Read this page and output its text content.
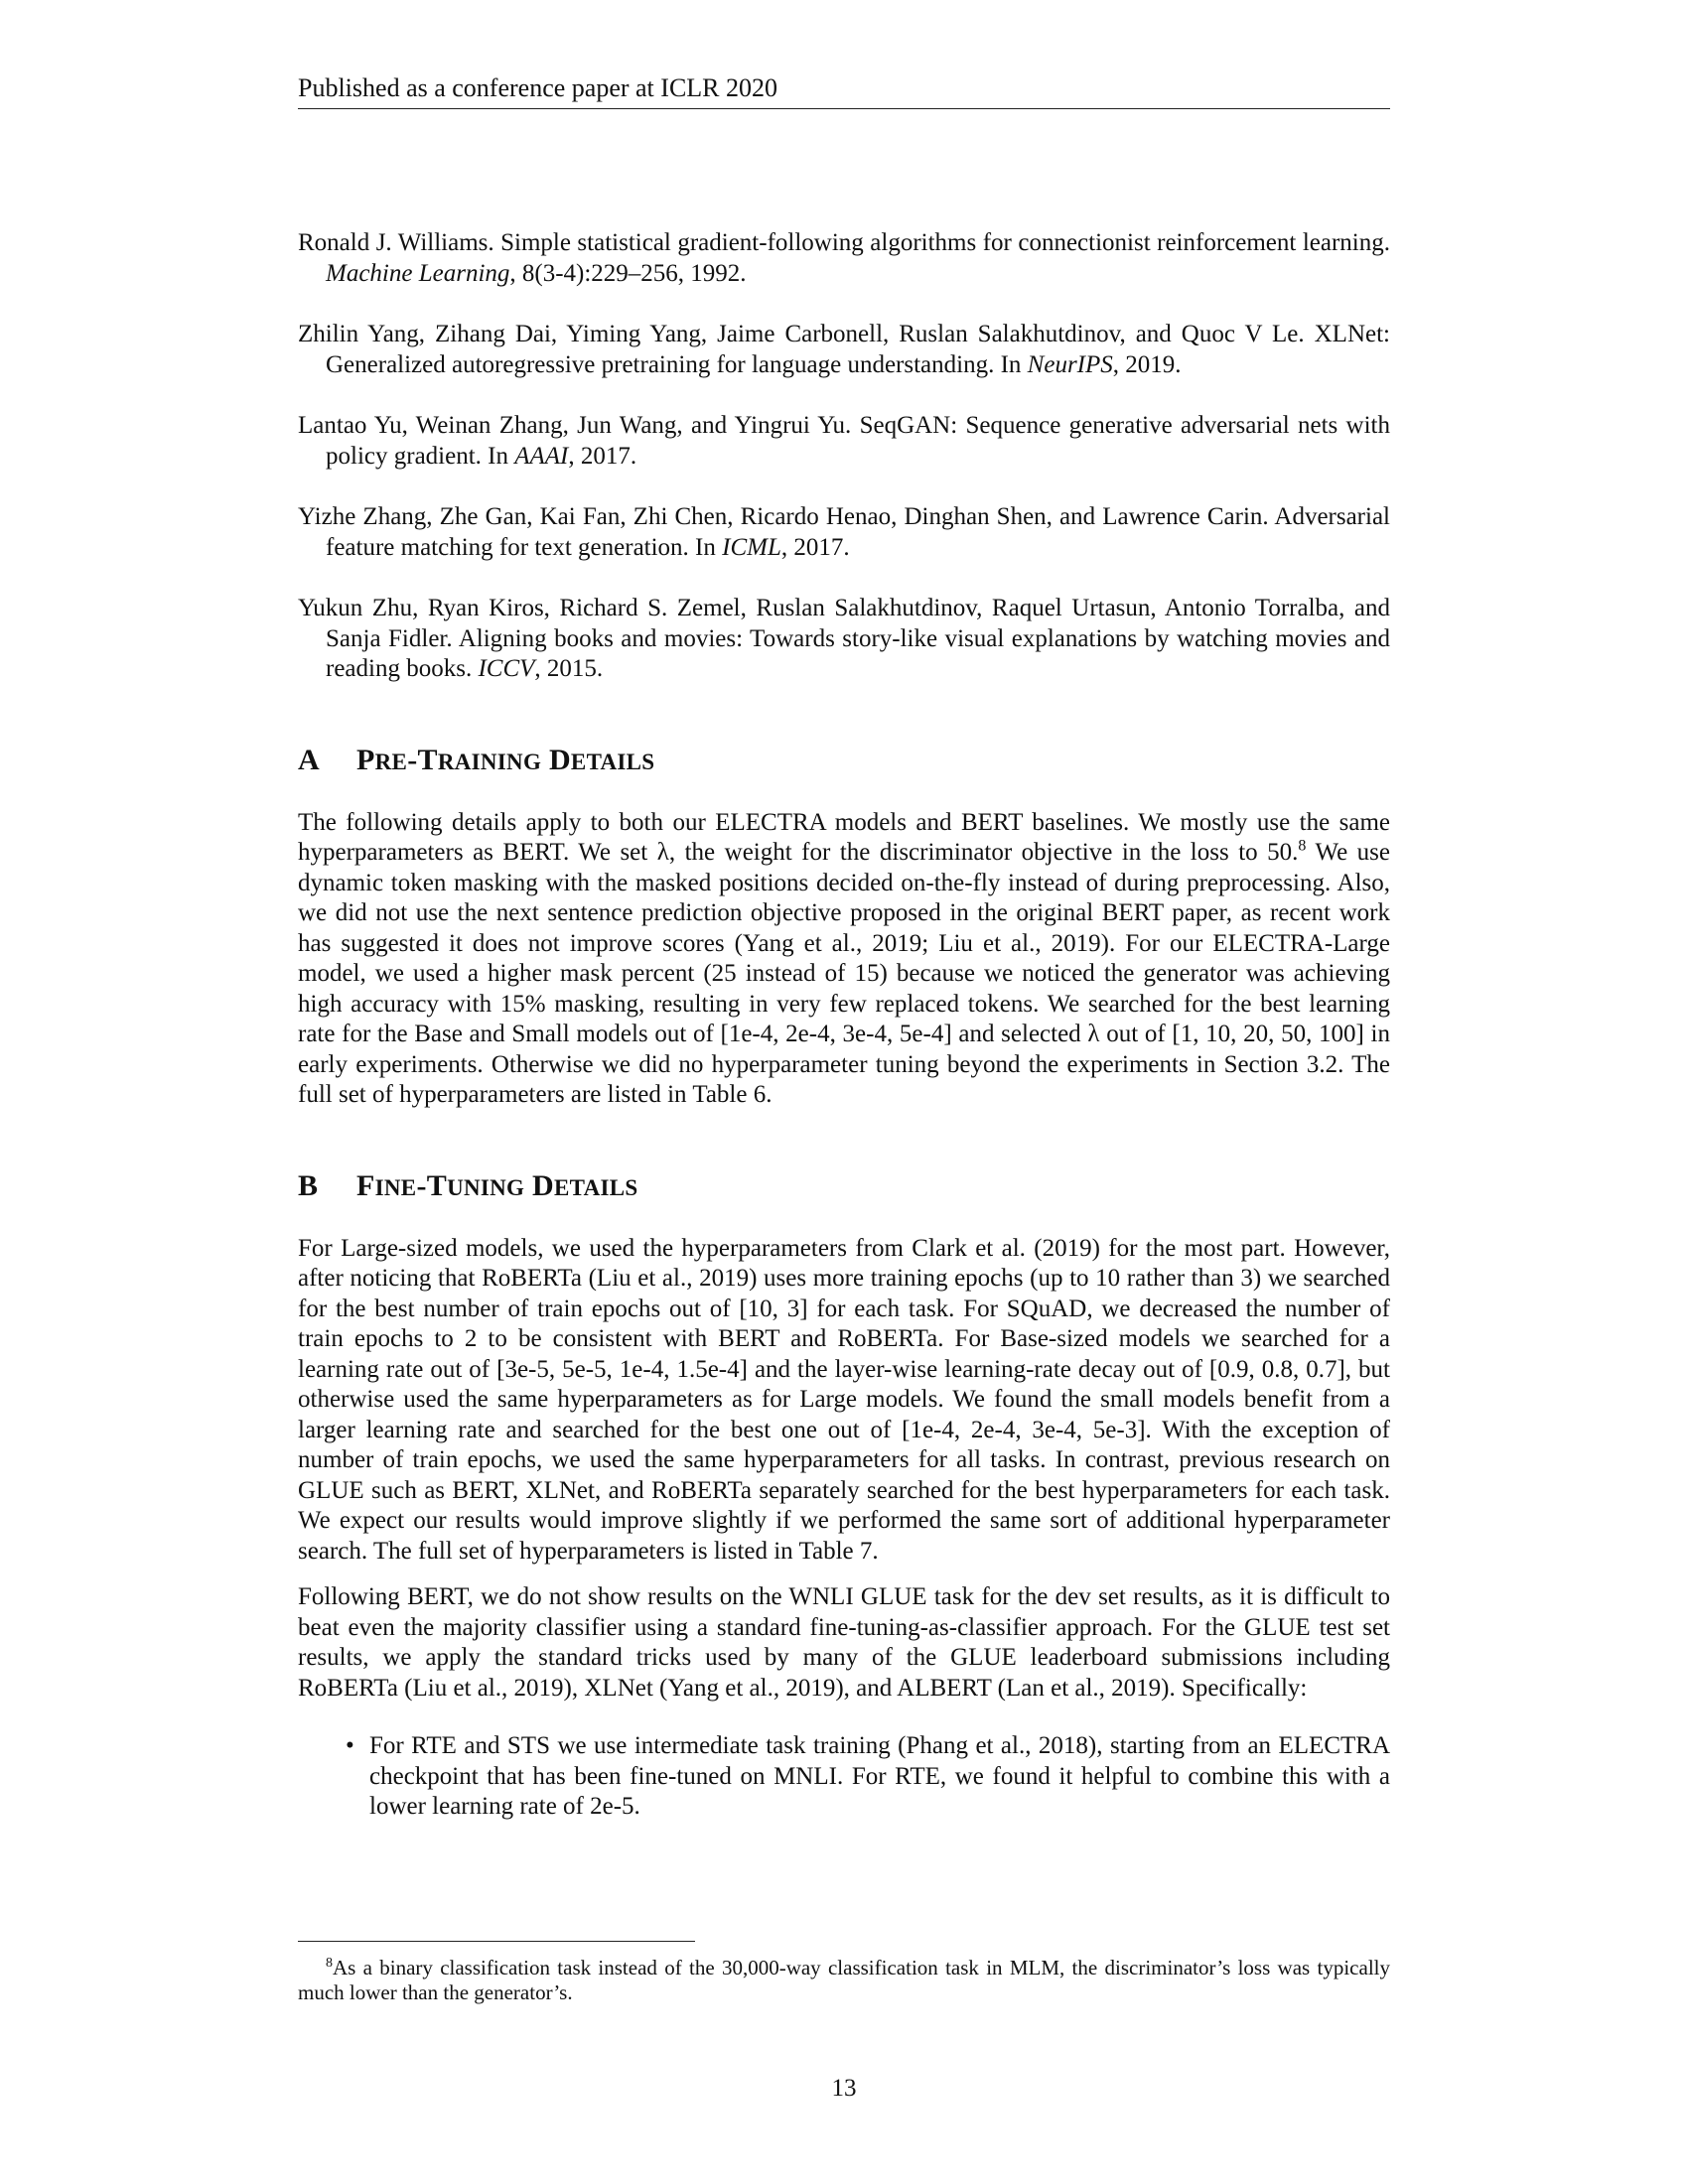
Published as a conference paper at ICLR 2020

Ronald J. Williams. Simple statistical gradient-following algorithms for connectionist reinforcement learning. Machine Learning, 8(3-4):229–256, 1992.

Zhilin Yang, Zihang Dai, Yiming Yang, Jaime Carbonell, Ruslan Salakhutdinov, and Quoc V Le. XLNet: Generalized autoregressive pretraining for language understanding. In NeurIPS, 2019.

Lantao Yu, Weinan Zhang, Jun Wang, and Yingrui Yu. SeqGAN: Sequence generative adversarial nets with policy gradient. In AAAI, 2017.

Yizhe Zhang, Zhe Gan, Kai Fan, Zhi Chen, Ricardo Henao, Dinghan Shen, and Lawrence Carin. Adversarial feature matching for text generation. In ICML, 2017.

Yukun Zhu, Ryan Kiros, Richard S. Zemel, Ruslan Salakhutdinov, Raquel Urtasun, Antonio Torralba, and Sanja Fidler. Aligning books and movies: Towards story-like visual explanations by watching movies and reading books. ICCV, 2015.

A PRE-TRAINING DETAILS

The following details apply to both our ELECTRA models and BERT baselines. We mostly use the same hyperparameters as BERT. We set λ, the weight for the discriminator objective in the loss to 50.$^8$ We use dynamic token masking with the masked positions decided on-the-fly instead of during preprocessing. Also, we did not use the next sentence prediction objective proposed in the original BERT paper, as recent work has suggested it does not improve scores (Yang et al., 2019; Liu et al., 2019). For our ELECTRA-Large model, we used a higher mask percent (25 instead of 15) because we noticed the generator was achieving high accuracy with 15% masking, resulting in very few replaced tokens. We searched for the best learning rate for the Base and Small models out of [1e-4, 2e-4, 3e-4, 5e-4] and selected λ out of [1, 10, 20, 50, 100] in early experiments. Otherwise we did no hyperparameter tuning beyond the experiments in Section 3.2. The full set of hyperparameters are listed in Table 6.

B FINE-TUNING DETAILS

For Large-sized models, we used the hyperparameters from Clark et al. (2019) for the most part. However, after noticing that RoBERTa (Liu et al., 2019) uses more training epochs (up to 10 rather than 3) we searched for the best number of train epochs out of [10, 3] for each task. For SQuAD, we decreased the number of train epochs to 2 to be consistent with BERT and RoBERTa. For Base-sized models we searched for a learning rate out of [3e-5, 5e-5, 1e-4, 1.5e-4] and the layer-wise learning-rate decay out of [0.9, 0.8, 0.7], but otherwise used the same hyperparameters as for Large models. We found the small models benefit from a larger learning rate and searched for the best one out of [1e-4, 2e-4, 3e-4, 5e-3]. With the exception of number of train epochs, we used the same hyperparameters for all tasks. In contrast, previous research on GLUE such as BERT, XLNet, and RoBERTa separately searched for the best hyperparameters for each task. We expect our results would improve slightly if we performed the same sort of additional hyperparameter search. The full set of hyperparameters is listed in Table 7.

Following BERT, we do not show results on the WNLI GLUE task for the dev set results, as it is difficult to beat even the majority classifier using a standard fine-tuning-as-classifier approach. For the GLUE test set results, we apply the standard tricks used by many of the GLUE leaderboard submissions including RoBERTa (Liu et al., 2019), XLNet (Yang et al., 2019), and ALBERT (Lan et al., 2019). Specifically:

• For RTE and STS we use intermediate task training (Phang et al., 2018), starting from an ELECTRA checkpoint that has been fine-tuned on MNLI. For RTE, we found it helpful to combine this with a lower learning rate of 2e-5.
$^8$As a binary classification task instead of the 30,000-way classification task in MLM, the discriminator’s loss was typically much lower than the generator’s.
13
